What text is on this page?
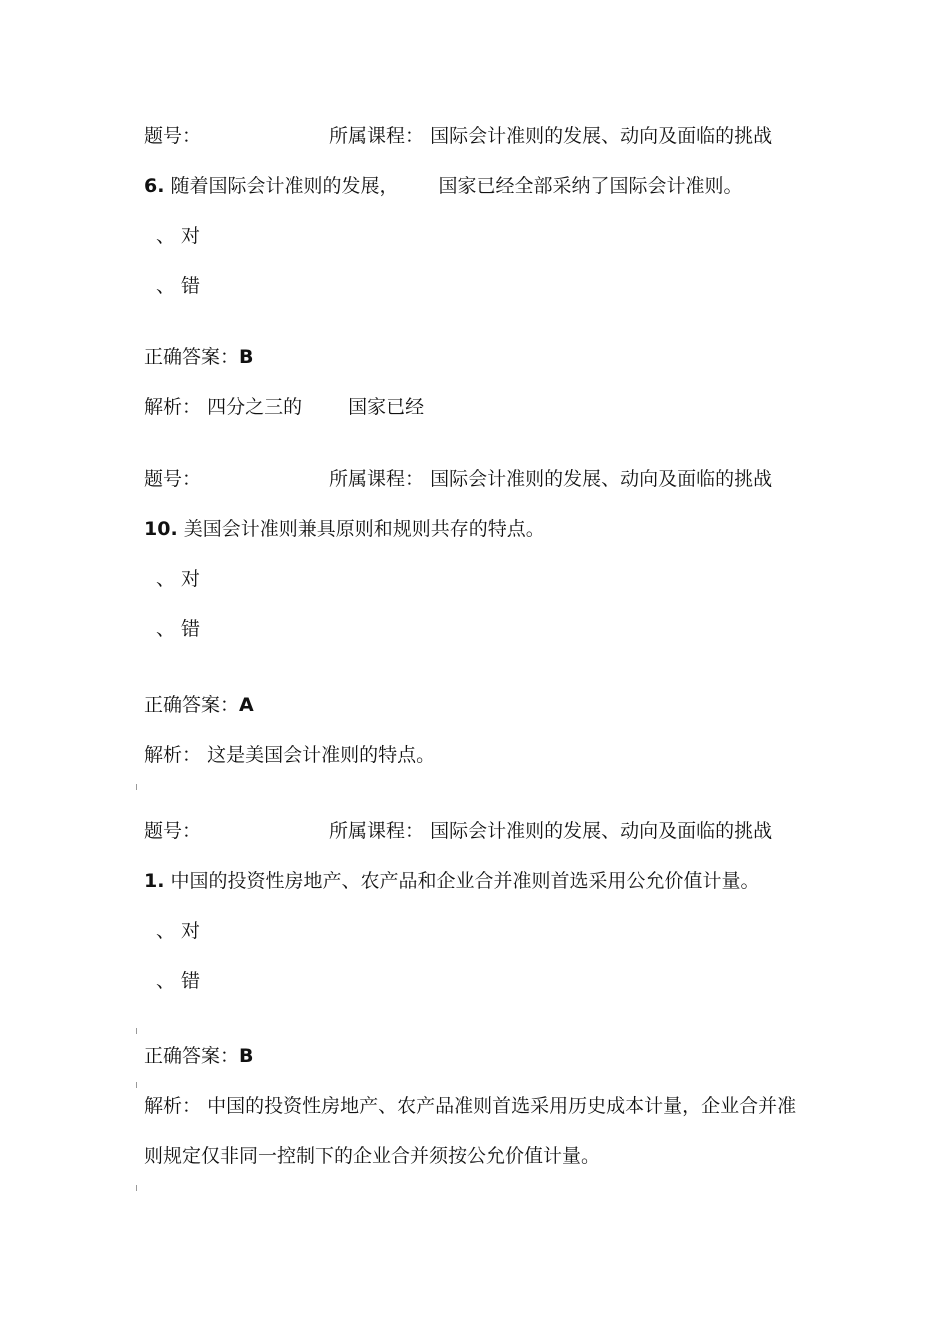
题号：	所属课程： 国际会计准则的发展、动向及面临的挑战
6. 随着国际会计准则的发展， 国家已经全部采纳了国际会计准则。
、 对
、 错
正确答案：B
解析： 四分之三的 国家已经
题号：	所属课程： 国际会计准则的发展、动向及面临的挑战
10. 美国会计准则兼具原则和规则共存的特点。
、 对
、 错
正确答案：A
解析： 这是美国会计准则的特点。
题号：	所属课程： 国际会计准则的发展、动向及面临的挑战
1. 中国的投资性房地产、农产品和企业合并准则首选采用公允价值计量。
、 对
、 错
正确答案：B
解析： 中国的投资性房地产、农产品准则首选采用历史成本计量，企业合并准
则规定仅非同一控制下的企业合并须按公允价值计量。
